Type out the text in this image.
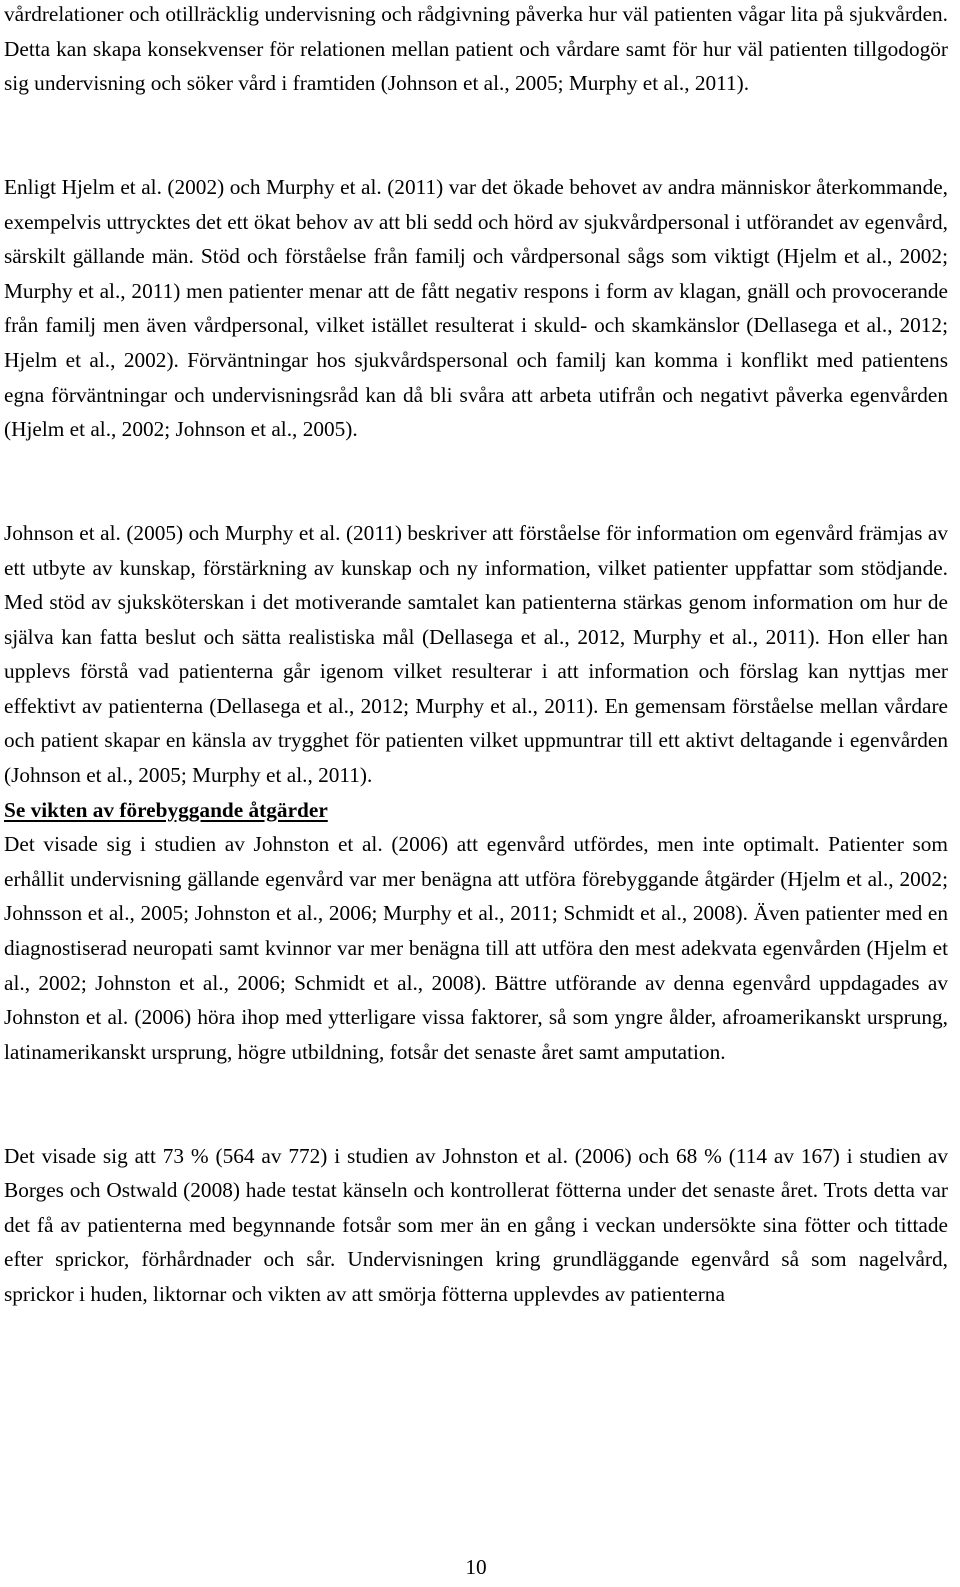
vårdrelationer och otillräcklig undervisning och rådgivning påverka hur väl patienten vågar lita på sjukvården. Detta kan skapa konsekvenser för relationen mellan patient och vårdare samt för hur väl patienten tillgodogör sig undervisning och söker vård i framtiden (Johnson et al., 2005; Murphy et al., 2011).

Enligt Hjelm et al. (2002) och Murphy et al. (2011) var det ökade behovet av andra människor återkommande, exempelvis uttrycktes det ett ökat behov av att bli sedd och hörd av sjukvårdpersonal i utförandet av egenvård, särskilt gällande män. Stöd och förståelse från familj och vårdpersonal sågs som viktigt (Hjelm et al., 2002; Murphy et al., 2011) men patienter menar att de fått negativ respons i form av klagan, gnäll och provocerande från familj men även vårdpersonal, vilket istället resulterat i skuld- och skamkänslor (Dellasega et al., 2012; Hjelm et al., 2002). Förväntningar hos sjukvårdspersonal och familj kan komma i konflikt med patientens egna förväntningar och undervisningsråd kan då bli svåra att arbeta utifrån och negativt påverka egenvården (Hjelm et al., 2002; Johnson et al., 2005).

Johnson et al. (2005) och Murphy et al. (2011) beskriver att förståelse för information om egenvård främjas av ett utbyte av kunskap, förstärkning av kunskap och ny information, vilket patienter uppfattar som stödjande. Med stöd av sjuksköterskan i det motiverande samtalet kan patienterna stärkas genom information om hur de själva kan fatta beslut och sätta realistiska mål (Dellasega et al., 2012, Murphy et al., 2011). Hon eller han upplevs förstå vad patienterna går igenom vilket resulterar i att information och förslag kan nyttjas mer effektivt av patienterna (Dellasega et al., 2012; Murphy et al., 2011). En gemensam förståelse mellan vårdare och patient skapar en känsla av trygghet för patienten vilket uppmuntrar till ett aktivt deltagande i egenvården (Johnson et al., 2005; Murphy et al., 2011).

Se vikten av förebyggande åtgärder

Det visade sig i studien av Johnston et al. (2006) att egenvård utfördes, men inte optimalt. Patienter som erhållit undervisning gällande egenvård var mer benägna att utföra förebyggande åtgärder (Hjelm et al., 2002; Johnsson et al., 2005; Johnston et al., 2006; Murphy et al., 2011; Schmidt et al., 2008). Även patienter med en diagnostiserad neuropati samt kvinnor var mer benägna till att utföra den mest adekvata egenvården (Hjelm et al., 2002; Johnston et al., 2006; Schmidt et al., 2008). Bättre utförande av denna egenvård uppdagades av Johnston et al. (2006) höra ihop med ytterligare vissa faktorer, så som yngre ålder, afroamerikanskt ursprung, latinamerikanskt ursprung, högre utbildning, fotsår det senaste året samt amputation.

Det visade sig att 73 % (564 av 772) i studien av Johnston et al. (2006) och 68 % (114 av 167) i studien av Borges och Ostwald (2008) hade testat känseln och kontrollerat fötterna under det senaste året. Trots detta var det få av patienterna med begynnande fotsår som mer än en gång i veckan undersökte sina fötter och tittade efter sprickor, förhårdnader och sår. Undervisningen kring grundläggande egenvård så som nagelvård, sprickor i huden, liktornar och vikten av att smörja fötterna upplevdes av patienterna

10
